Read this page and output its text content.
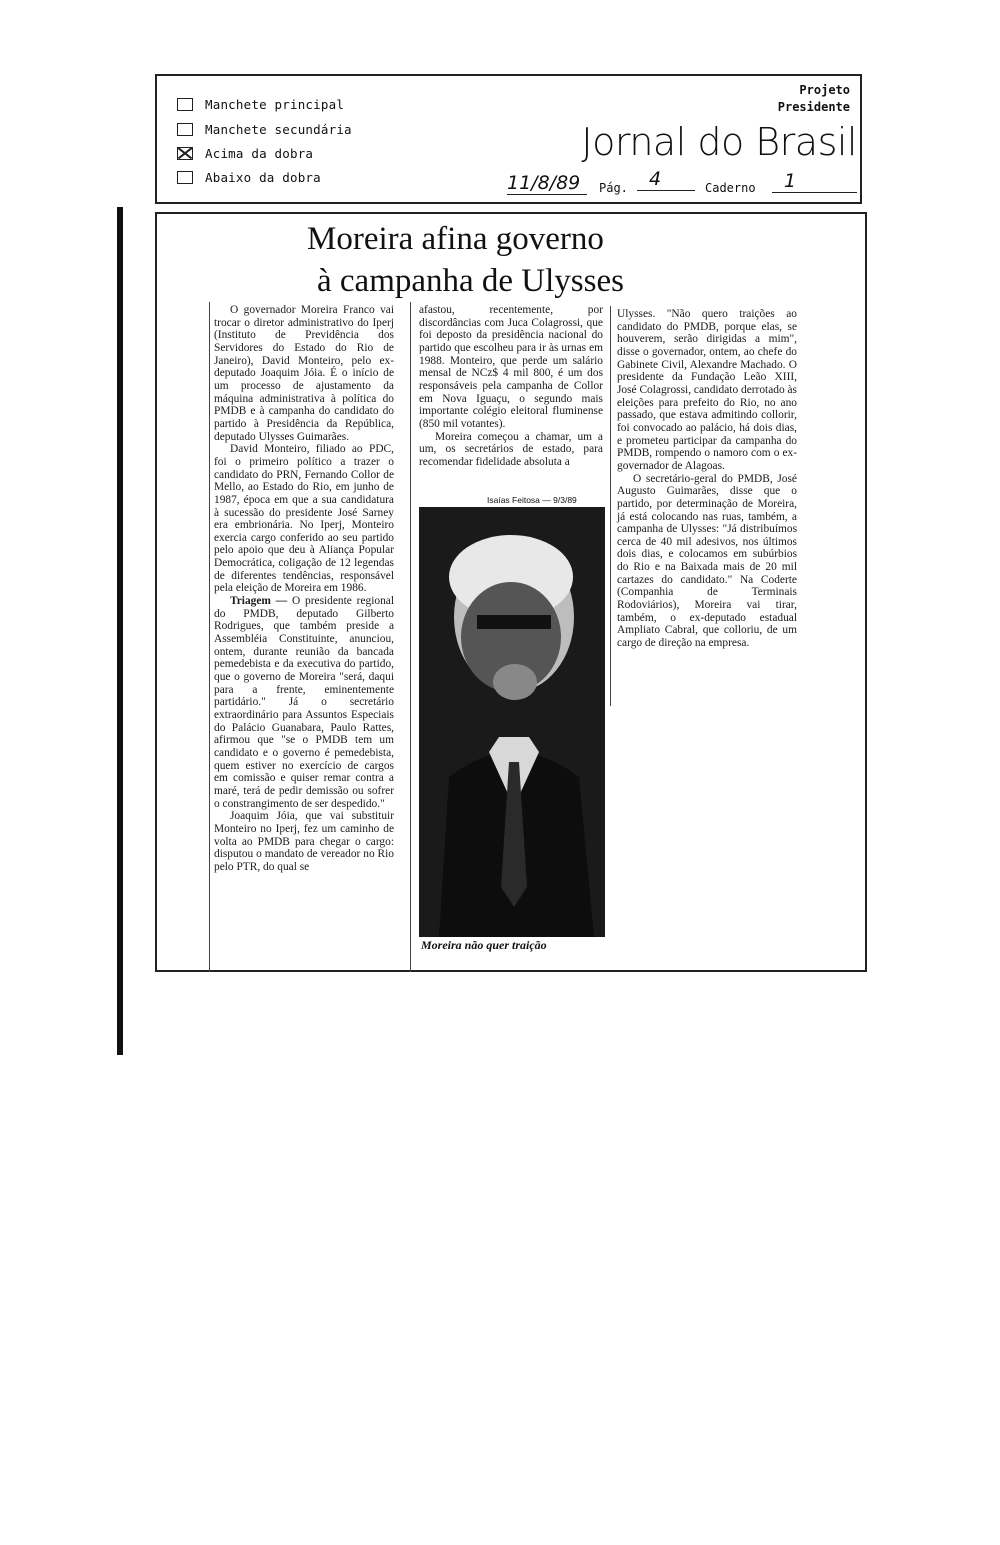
Manchete principal
Manchete secundária
Acima da dobra
Abaixo da dobra
Projeto
Presidente
Jornal do Brasil
11/8/89	Pág.	4	Caderno	1
Moreira afina governo
à campanha de Ulysses

O governador Moreira Franco vai trocar o diretor administrativo do Iperj (Instituto de Previdência dos Servidores do Estado do Rio de Janeiro), David Monteiro, pelo ex-deputado Joaquim Jóia. É o início de um processo de ajustamento da máquina administrativa à política do PMDB e à campanha do candidato do partido à Presidência da República, deputado Ulysses Guimarães.

David Monteiro, filiado ao PDC, foi o primeiro político a trazer o candidato do PRN, Fernando Collor de Mello, ao Estado do Rio, em junho de 1987, época em que a sua candidatura à sucessão do presidente José Sarney era embrionária. No Iperj, Monteiro exercia cargo conferido ao seu partido pelo apoio que deu à Aliança Popular Democrática, coligação de 12 legendas de diferentes tendências, responsável pela eleição de Moreira em 1986.

Triagem — O presidente regional do PMDB, deputado Gilberto Rodrigues, que também preside a Assembléia Constituinte, anunciou, ontem, durante reunião da bancada pemedebista e da executiva do partido, que o governo de Moreira "será, daqui para a frente, eminentemente partidário." Já o secretário extraordinário para Assuntos Especiais do Palácio Guanabara, Paulo Rattes, afirmou que "se o PMDB tem um candidato e o governo é pemedebista, quem estiver no exercício de cargos em comissão e quiser remar contra a maré, terá de pedir demissão ou sofrer o constrangimento de ser despedido."

Joaquim Jóia, que vai substituir Monteiro no Iperj, fez um caminho de volta ao PMDB para chegar o cargo: disputou o mandato de vereador no Rio pelo PTR, do qual se

afastou, recentemente, por discordâncias com Juca Colagrossi, que foi deposto da presidência nacional do partido que escolheu para ir às urnas em 1988. Monteiro, que perde um salário mensal de NCz$ 4 mil 800, é um dos responsáveis pela campanha de Collor em Nova Iguaçu, o segundo mais importante colégio eleitoral fluminense (850 mil votantes).

Moreira começou a chamar, um a um, os secretários de estado, para recomendar fidelidade absoluta a

Isaías Feitosa — 9/3/89
Moreira não quer traição

Ulysses. "Não quero traições ao candidato do PMDB, porque elas, se houverem, serão dirigidas a mim", disse o governador, ontem, ao chefe do Gabinete Civil, Alexandre Machado. O presidente da Fundação Leão XIII, José Colagrossi, candidato derrotado às eleições para prefeito do Rio, no ano passado, que estava admitindo collorir, foi convocado ao palácio, há dois dias, e prometeu participar da campanha do PMDB, rompendo o namoro com o ex-governador de Alagoas.

O secretário-geral do PMDB, José Augusto Guimarães, disse que o partido, por determinação de Moreira, já está colocando nas ruas, também, a campanha de Ulysses: "Já distribuímos cerca de 40 mil adesivos, nos últimos dois dias, e colocamos em subúrbios do Rio e na Baixada mais de 20 mil cartazes do candidato." Na Coderte (Companhia de Terminais Rodoviários), Moreira vai tirar, também, o ex-deputado estadual Ampliato Cabral, que colloriu, de um cargo de direção na empresa.
